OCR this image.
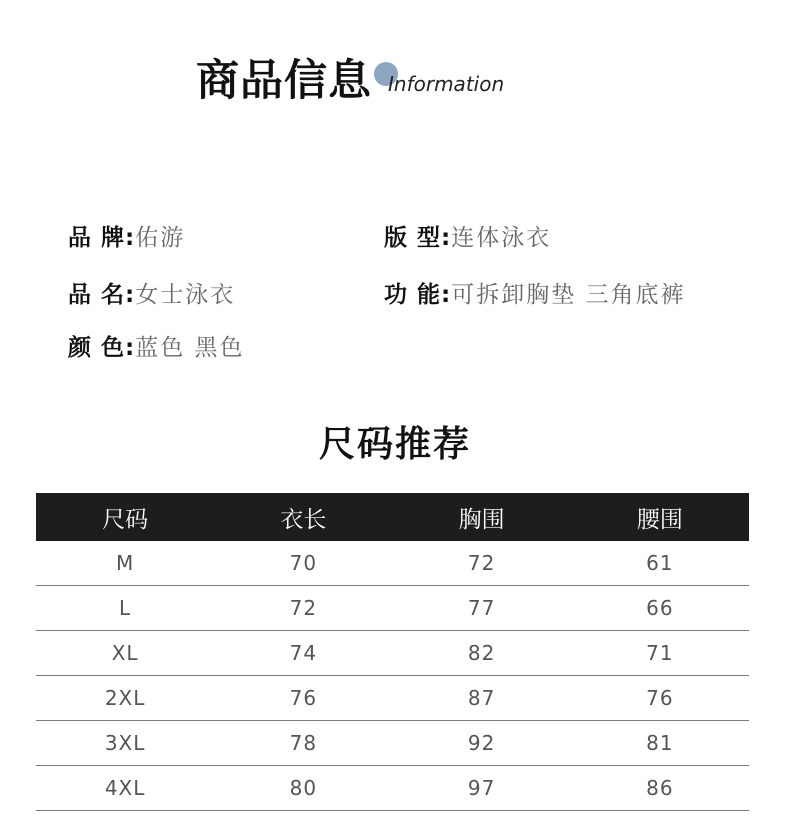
商品信息 Information
品 牌:佑游	版 型:连体泳衣
品 名:女士泳衣	功 能:可拆卸胸垫 三角底裤
颜 色:蓝色 黑色
尺码推荐
尺码	衣长	胸围	腰围
M	70	72	61
L	72	77	66
XL	74	82	71
2XL	76	87	76
3XL	78	92	81
4XL	80	97	86
